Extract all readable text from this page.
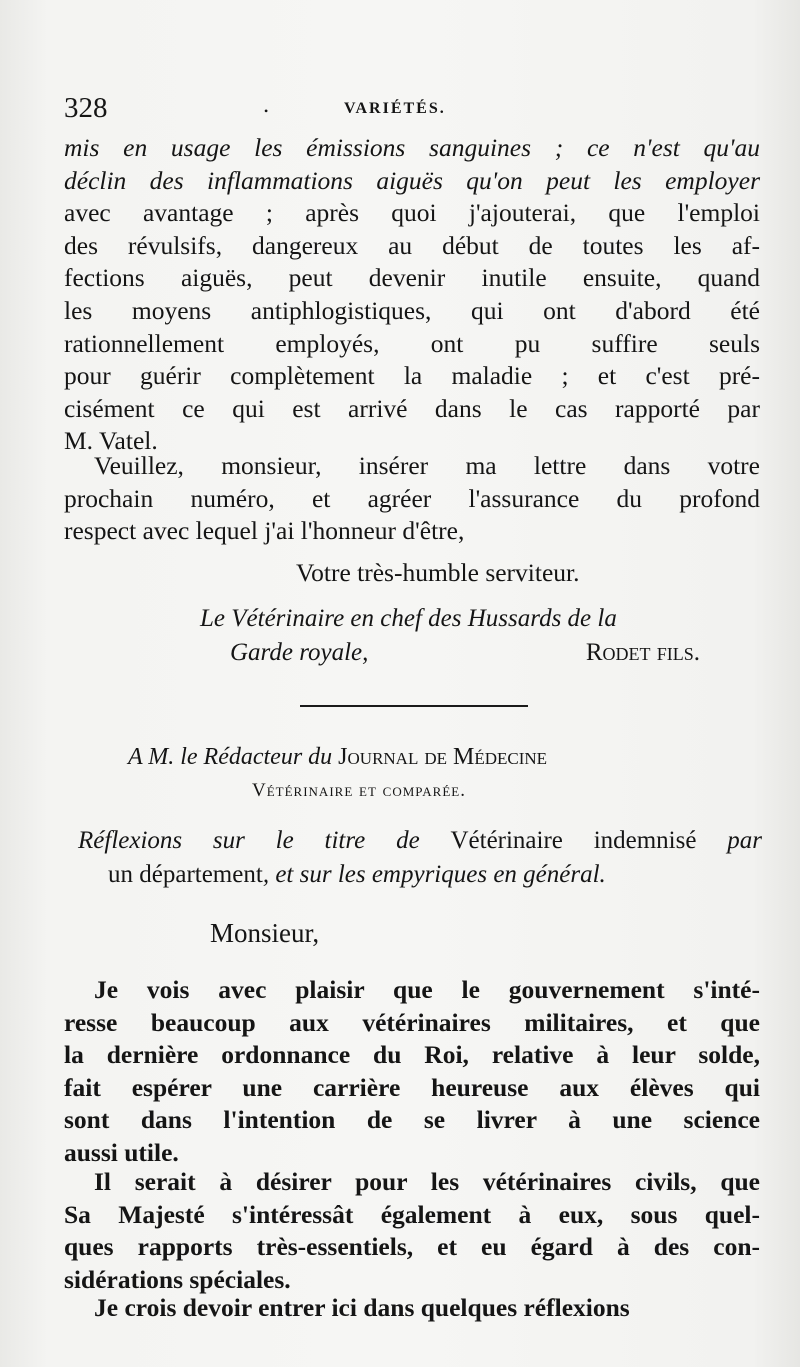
328	•	VARIÉTÉS.
mis en usage les émissions sanguines ; ce n'est qu'au
déclin des inflammations aiguës qu'on peut les employer
avec avantage ; après quoi j'ajouterai, que l'emploi
des révulsifs, dangereux au début de toutes les af-
fections aiguës, peut devenir inutile ensuite, quand
les moyens antiphlogistiques, qui ont d'abord été
rationnellement employés, ont pu suffire seuls
pour guérir complètement la maladie ; et c'est pré-
cisément ce qui est arrivé dans le cas rapporté par
M. Vatel.
Veuillez, monsieur, insérer ma lettre dans votre
prochain numéro, et agréer l'assurance du profond
respect avec lequel j'ai l'honneur d'être,
Votre très-humble serviteur.
Le Vétérinaire en chef des Hussards de la
Garde royale,	Rodet fils.
A M. le Rédacteur du Journal de Médecine
Vétérinaire et comparée.
Réflexions sur le titre de Vétérinaire indemnisé par
un département, et sur les empyriques en général.
Monsieur,
Je vois avec plaisir que le gouvernement s'inté-
resse beaucoup aux vétérinaires militaires, et que
la dernière ordonnance du Roi, relative à leur solde,
fait espérer une carrière heureuse aux élèves qui
sont dans l'intention de se livrer à une science
aussi utile.
Il serait à désirer pour les vétérinaires civils, que
Sa Majesté s'intéressât également à eux, sous quel-
ques rapports très-essentiels, et eu égard à des con-
sidérations spéciales.
Je crois devoir entrer ici dans quelques réflexions
